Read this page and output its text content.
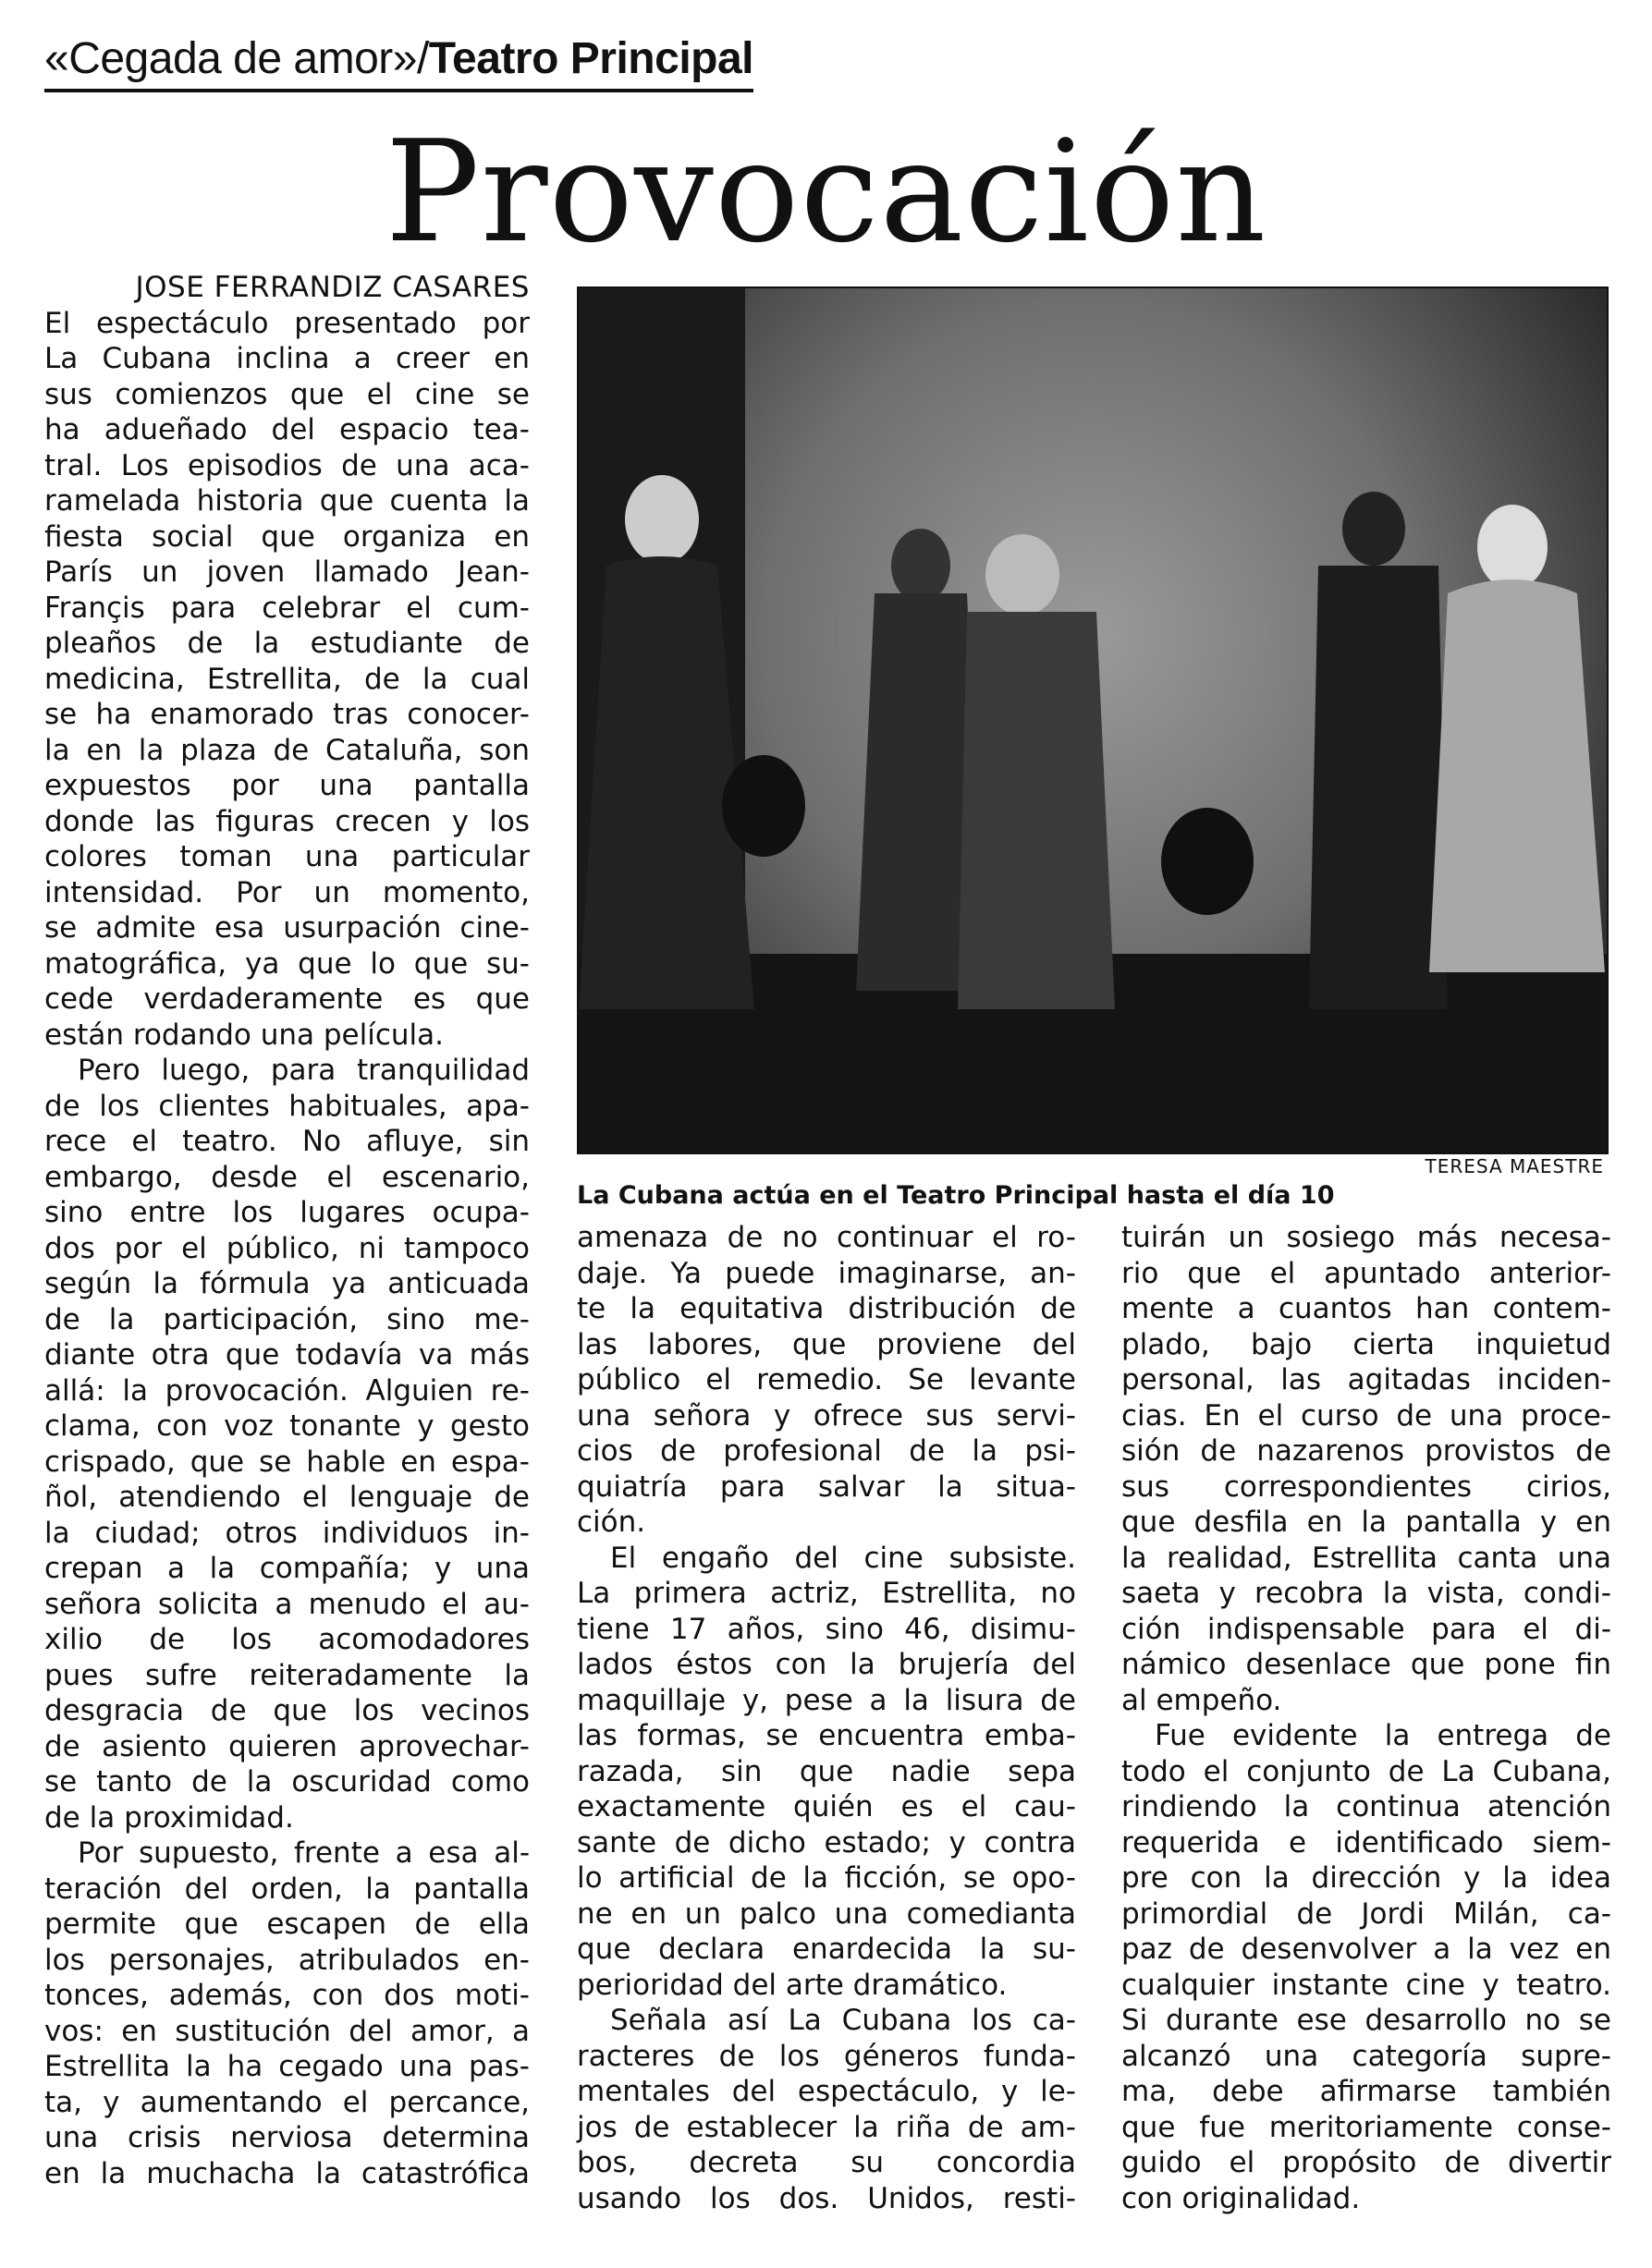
«Cegada de amor»/Teatro Principal
Provocación
JOSE FERRANDIZ CASARES

El espectáculo presentado por
La Cubana inclina a creer en
sus comienzos que el cine se
ha adueñado del espacio tea-
tral. Los episodios de una aca-
ramelada historia que cuenta la
fiesta social que organiza en
París un joven llamado Jean-
Françis para celebrar el cum-
pleaños de la estudiante de
medicina, Estrellita, de la cual
se ha enamorado tras conocer-
la en la plaza de Cataluña, son
expuestos por una pantalla
donde las figuras crecen y los
colores toman una particular
intensidad. Por un momento,
se admite esa usurpación cine-
matográfica, ya que lo que su-
cede verdaderamente es que
están rodando una película.

Pero luego, para tranquilidad
de los clientes habituales, apa-
rece el teatro. No afluye, sin
embargo, desde el escenario,
sino entre los lugares ocupa-
dos por el público, ni tampoco
según la fórmula ya anticuada
de la participación, sino me-
diante otra que todavía va más
allá: la provocación. Alguien re-
clama, con voz tonante y gesto
crispado, que se hable en espa-
ñol, atendiendo el lenguaje de
la ciudad; otros individuos in-
crepan a la compañía; y una
señora solicita a menudo el au-
xilio de los acomodadores
pues sufre reiteradamente la
desgracia de que los vecinos
de asiento quieren aprovechar-
se tanto de la oscuridad como
de la proximidad.

Por supuesto, frente a esa al-
teración del orden, la pantalla
permite que escapen de ella
los personajes, atribulados en-
tonces, además, con dos moti-
vos: en sustitución del amor, a
Estrellita la ha cegado una pas-
ta, y aumentando el percance,
una crisis nerviosa determina
en la muchacha la catastrófica

TERESA MAESTRE
La Cubana actúa en el Teatro Principal hasta el día 10

amenaza de no continuar el ro-
daje. Ya puede imaginarse, an-
te la equitativa distribución de
las labores, que proviene del
público el remedio. Se levante
una señora y ofrece sus servi-
cios de profesional de la psi-
quiatría para salvar la situa-
ción.

El engaño del cine subsiste.
La primera actriz, Estrellita, no
tiene 17 años, sino 46, disimu-
lados éstos con la brujería del
maquillaje y, pese a la lisura de
las formas, se encuentra emba-
razada, sin que nadie sepa
exactamente quién es el cau-
sante de dicho estado; y contra
lo artificial de la ficción, se opo-
ne en un palco una comedianta
que declara enardecida la su-
perioridad del arte dramático.

Señala así La Cubana los ca-
racteres de los géneros funda-
mentales del espectáculo, y le-
jos de establecer la riña de am-
bos, decreta su concordia
usando los dos. Unidos, resti-

tuirán un sosiego más necesa-
rio que el apuntado anterior-
mente a cuantos han contem-
plado, bajo cierta inquietud
personal, las agitadas inciden-
cias. En el curso de una proce-
sión de nazarenos provistos de
sus correspondientes cirios,
que desfila en la pantalla y en
la realidad, Estrellita canta una
saeta y recobra la vista, condi-
ción indispensable para el di-
námico desenlace que pone fin
al empeño.

Fue evidente la entrega de
todo el conjunto de La Cubana,
rindiendo la continua atención
requerida e identificado siem-
pre con la dirección y la idea
primordial de Jordi Milán, ca-
paz de desenvolver a la vez en
cualquier instante cine y teatro.
Si durante ese desarrollo no se
alcanzó una categoría supre-
ma, debe afirmarse también
que fue meritoriamente conse-
guido el propósito de divertir
con originalidad.
